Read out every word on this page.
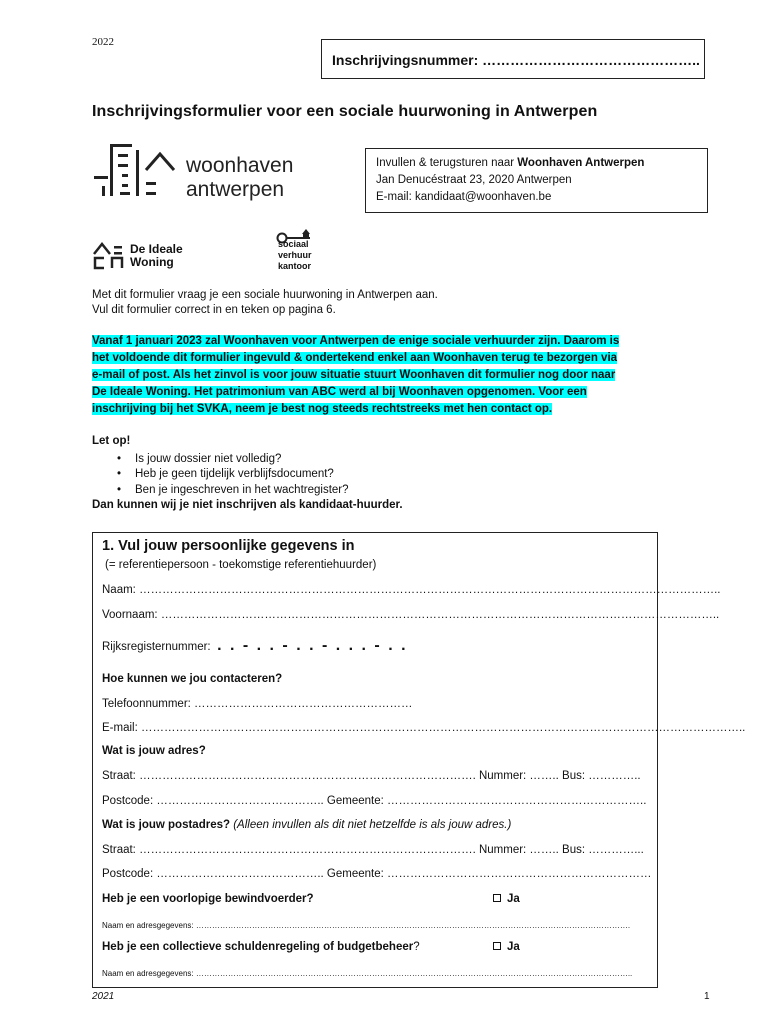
2022
Inschrijvingsnummer: ………………………………………..
Inschrijvingsformulier voor een sociale huurwoning in Antwerpen
woonhaven
antwerpen
Invullen & terugsturen naar Woonhaven Antwerpen
Jan Denucéstraat 23, 2020 Antwerpen
E-mail: kandidaat@woonhaven.be
De Ideale
Woning
sociaal
verhuur
kantoor
Met dit formulier vraag je een sociale huurwoning in Antwerpen aan.
Vul dit formulier correct in en teken op pagina 6.
Vanaf 1 januari 2023 zal Woonhaven voor Antwerpen de enige sociale verhuurder zijn. Daarom is
het voldoende dit formulier ingevuld & ondertekend enkel aan Woonhaven terug te bezorgen via
e-mail of post. Als het zinvol is voor jouw situatie stuurt Woonhaven dit formulier nog door naar
De Ideale Woning. Het patrimonium van ABC werd al bij Woonhaven opgenomen. Voor een
inschrijving bij het SVKA, neem je best nog steeds rechtstreeks met hen contact op.
Let op!
• Is jouw dossier niet volledig?
• Heb je geen tijdelijk verblijfsdocument?
• Ben je ingeschreven in het wachtregister?
Dan kunnen wij je niet inschrijven als kandidaat-huurder.
1. Vul jouw persoonlijke gegevens in
(= referentiepersoon - toekomstige referentiehuurder)
Naam: ……………………………………………………………………………………………………………………………………..
Voornaam: ………………………………………………………………………………………………………………………………..
Rijksregisternummer: . . - . . - . . - . . . - . .
Hoe kunnen we jou contacteren?
Telefoonnummer: …………………………………………………
E-mail: …………………………………………………………………………………………………………………………………………..
Wat is jouw adres?
Straat: ……………………………………………………………………………. Nummer: …….. Bus: …………..
Postcode: …………………………………….. Gemeente: …………………………………………………………..
Wat is jouw postadres? (Alleen invullen als dit niet hetzelfde is als jouw adres.)
Straat: ……………………………………………………………………………. Nummer: …….. Bus: …………...
Postcode: …………………………………….. Gemeente: ……………………………………………………………
Heb je een voorlopige bewindvoerder?	Ja
Naam en adresgegevens: ……………………………………………………………………………………………………………………………………………….
Heb je een collectieve schuldenregeling of budgetbeheer?	Ja
Naam en adresgegevens: ………………………………………………………………………………………………………………………………………………..
2021	1
